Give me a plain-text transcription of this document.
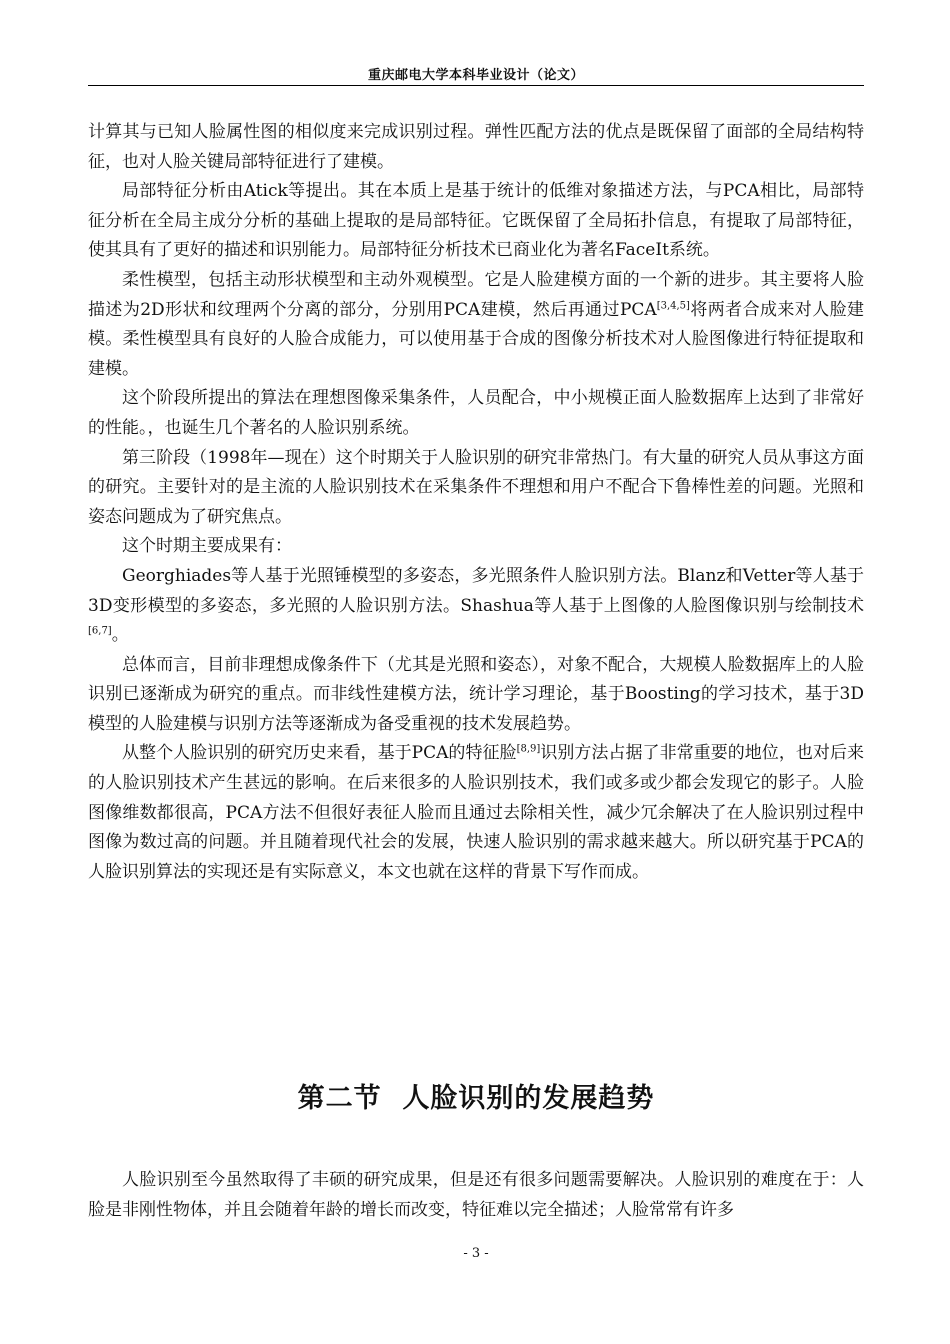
重庆邮电大学本科毕业设计（论文）

计算其与已知人脸属性图的相似度来完成识别过程。弹性匹配方法的优点是既保留了面部的全局结构特征，也对人脸关键局部特征进行了建模。

局部特征分析由Atick等提出。其在本质上是基于统计的低维对象描述方法，与PCA相比，局部特征分析在全局主成分分析的基础上提取的是局部特征。它既保留了全局拓扑信息，有提取了局部特征，使其具有了更好的描述和识别能力。局部特征分析技术已商业化为著名FaceIt系统。

柔性模型，包括主动形状模型和主动外观模型。它是人脸建模方面的一个新的进步。其主要将人脸描述为2D形状和纹理两个分离的部分，分别用PCA建模，然后再通过PCA[3,4,5]将两者合成来对人脸建模。柔性模型具有良好的人脸合成能力，可以使用基于合成的图像分析技术对人脸图像进行特征提取和建模。

这个阶段所提出的算法在理想图像采集条件，人员配合，中小规模正面人脸数据库上达到了非常好的性能。，也诞生几个著名的人脸识别系统。

第三阶段（1998年—现在）这个时期关于人脸识别的研究非常热门。有大量的研究人员从事这方面的研究。主要针对的是主流的人脸识别技术在采集条件不理想和用户不配合下鲁棒性差的问题。光照和姿态问题成为了研究焦点。

这个时期主要成果有：

Georghiades等人基于光照锤模型的多姿态，多光照条件人脸识别方法。Blanz和Vetter等人基于3D变形模型的多姿态，多光照的人脸识别方法。Shashua等人基于上图像的人脸图像识别与绘制技术[6,7]。

总体而言，目前非理想成像条件下（尤其是光照和姿态），对象不配合，大规模人脸数据库上的人脸识别已逐渐成为研究的重点。而非线性建模方法，统计学习理论，基于Boosting的学习技术，基于3D模型的人脸建模与识别方法等逐渐成为备受重视的技术发展趋势。

从整个人脸识别的研究历史来看，基于PCA的特征脸[8,9]识别方法占据了非常重要的地位，也对后来的人脸识别技术产生甚远的影响。在后来很多的人脸识别技术，我们或多或少都会发现它的影子。人脸图像维数都很高，PCA方法不但很好表征人脸而且通过去除相关性，减少冗余解决了在人脸识别过程中图像为数过高的问题。并且随着现代社会的发展，快速人脸识别的需求越来越大。所以研究基于PCA的人脸识别算法的实现还是有实际意义，本文也就在这样的背景下写作而成。

第二节  人脸识别的发展趋势

人脸识别至今虽然取得了丰硕的研究成果，但是还有很多问题需要解决。人脸识别的难度在于：人脸是非刚性物体，并且会随着年龄的增长而改变，特征难以完全描述；人脸常常有许多

- 3 -
